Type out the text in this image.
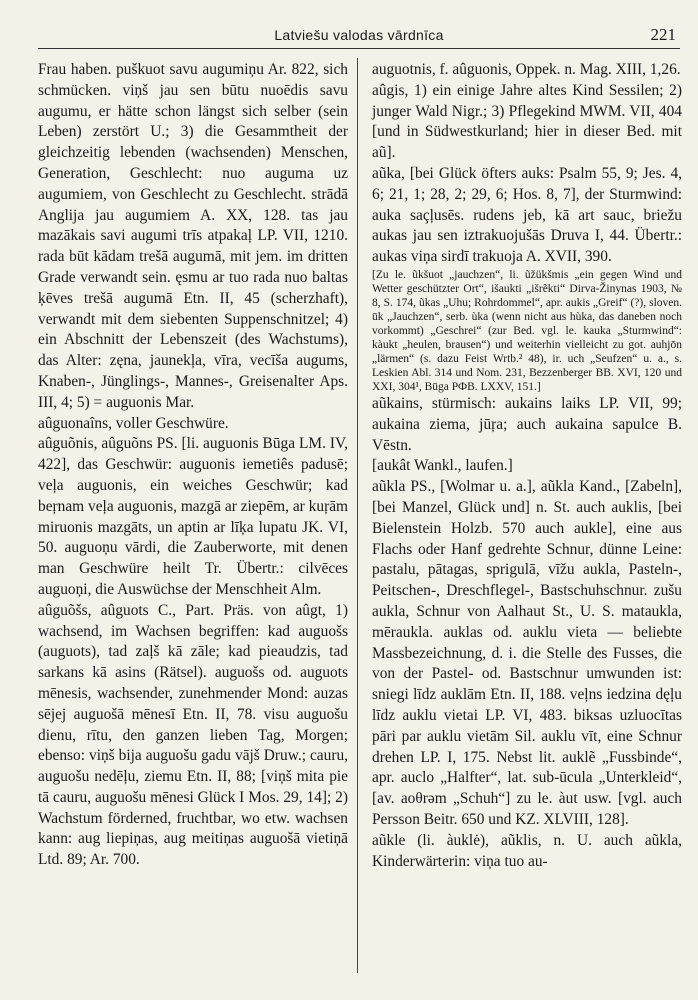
Latviešu valodas vārdnīca	221

Frau haben. puškuot savu augumiņu Ar. 822, sich schmücken. viņš jau sen būtu nuoēdis savu augumu, er hätte schon längst sich selber (sein Leben) zerstört U.; 3) die Gesammtheit der gleichzeitig lebenden (wachsenden) Menschen, Generation, Geschlecht: nuo auguma uz augumiem, von Geschlecht zu Geschlecht. strādā Anglija jau augumiem A. XX, 128. tas jau mazākais savi augumi trīs atpakaļ LP. VII, 1210. rada būt kādam trešā augumā, mit jem. im dritten Grade verwandt sein. ęsmu ar tuo rada nuo baltas ķēves trešā augumā Etn. II, 45 (scherzhaft), verwandt mit dem siebenten Suppenschnitzel; 4) ein Abschnitt der Lebenszeit (des Wachstums), das Alter: zęna, jaunekļa, vīra, vecīša augums, Knaben-, Jünglings-, Mannes-, Greisenalter Aps. III, 4; 5) = auguonis Mar.

aûguonaîns, voller Geschwüre.

aûguõnis, aûguõns PS. [li. auguonis Būga LM. IV, 422], das Geschwür: auguonis iemetiês padusē; veļa auguonis, ein weiches Geschwür; kad beŗnam veļa auguonis, mazgā ar ziepēm, ar kuŗām miruonis mazgāts, un aptin ar līķa lupatu JK. VI, 50. auguoņu vārdi, die Zauberworte, mit denen man Geschwüre heilt Tr. Übertr.: cilvēces auguoņi, die Auswüchse der Menschheit Alm.

aûguõšs, aûguots C., Part. Präs. von aûgt, 1) wachsend, im Wachsen begriffen: kad auguošs (auguots), tad zaļš kā zāle; kad pieaudzis, tad sarkans kā asins (Rätsel). auguošs od. auguots mēnesis, wachsender, zunehmender Mond: auzas sējej auguošā mēnesī Etn. II, 78. visu auguošu dienu, rītu, den ganzen lieben Tag, Morgen; ebenso: viņš bija auguošu gadu vājš Druw.; cauru, auguošu nedēļu, ziemu Etn. II, 88; [viņš mita pie tā cauru, auguošu mēnesi Glück I Mos. 29, 14]; 2) Wachstum förderned, fruchtbar, wo etw. wachsen kann: aug liepiņas, aug meitiņas auguošā vietiņā Ltd. 89; Ar. 700.

auguotnis, f. aûguonis, Oppek. n. Mag. XIII, 1,26.

aûgis, 1) ein einige Jahre altes Kind Sessilen; 2) junger Wald Nigr.; 3) Pflegekind MWM. VII, 404 [und in Südwestkurland; hier in dieser Bed. mit aũ].

aũka, [bei Glück öfters auks: Psalm 55, 9; Jes. 4, 6; 21, 1; 28, 2; 29, 6; Hos. 8, 7], der Sturmwind: auka saçļusēs. rudens jeb, kā art sauc, briežu aukas jau sen iztrakuojušās Druva I, 44. Übertr.: aukas viņa sirdī trakuoja A. XVII, 390.

[Zu le. ũkšuot „jauchzen“, li. ũžükšmis „ein gegen Wind und Wetter geschützter Ort“, išaukti „išrẽkti“ Dirva-Žinynas 1903, № 8, S. 174, ũkas „Uhu; Rohrdommel“, apr. aukis „Greif“ (?), sloven. ūk „Jauchzen“, serb. ùka (wenn nicht aus hùka, das daneben noch vorkommt) „Geschrei“ (zur Bed. vgl. le. kauka „Sturmwind“: kàukt „heulen, brausen“) und weiterhin vielleicht zu got. auhjōn „lärmen“ (s. dazu Feist Wrtb.² 48), ir. uch „Seufzen“ u. a., s. Leskien Abl. 314 und Nom. 231, Bezzenberger BB. XVI, 120 und XXI, 304¹, Būga РФВ. LXXV, 151.]

aũkains, stürmisch: aukains laiks LP. VII, 99; aukaina ziema, jūŗa; auch aukaina sapulce B. Vēstn.

[aukât Wankl., laufen.]

aũkla PS., [Wolmar u. a.], aũkla Kand., [Zabeln], [bei Manzel, Glück und] n. St. auch auklis, [bei Bielenstein Holzb. 570 auch aukle], eine aus Flachs oder Hanf gedrehte Schnur, dünne Leine: pastalu, pātagas, sprigulā, vīžu aukla, Pasteln-, Peitschen-, Dreschflegel-, Bastschuhschnur. zušu aukla, Schnur von Aalhaut St., U. S. mataukla, mēraukla. auklas od. auklu vieta — beliebte Massbezeichnung, d. i. die Stelle des Fusses, die von der Pastel- od. Bastschnur umwunden ist: sniegi līdz auklām Etn. II, 188. veļns iedzina dęļu līdz auklu vietai LP. VI, 483. biksas uzluocītas pāri par auklu vietām Sil. auklu vīt, eine Schnur drehen LP. I, 175. Nebst lit. auklẽ „Fussbinde“, apr. auclo „Halfter“, lat. sub-ūcula „Unterkleid“, [av. aoθrəm „Schuh“] zu le. àut usw. [vgl. auch Persson Beitr. 650 und KZ. XLVIII, 128].

aũkle (li. àuklė), aũklis, n. U. auch aũkla, Kinderwärterin: viņa tuo au-
